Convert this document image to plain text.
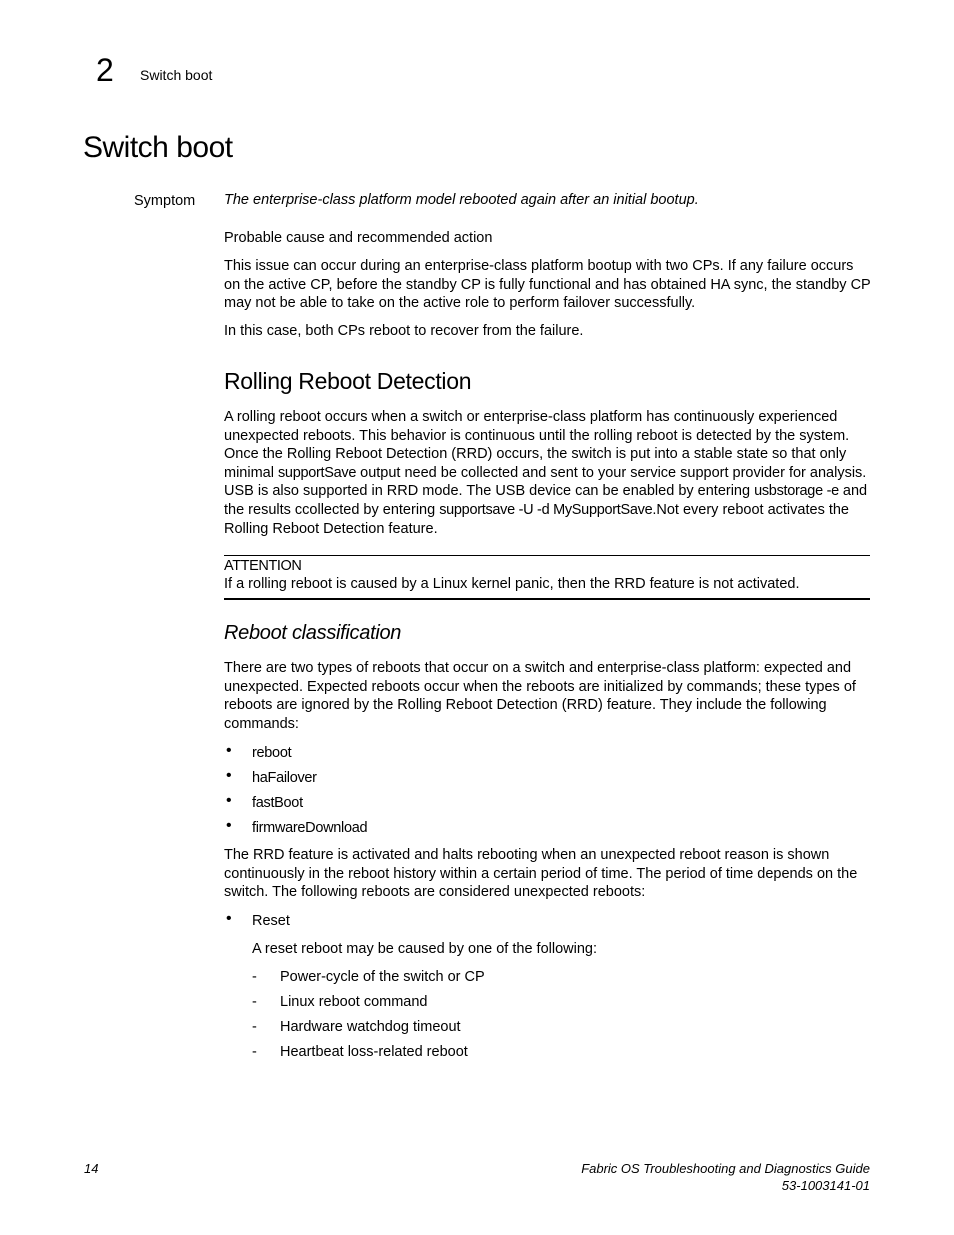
2 Switch boot
Switch boot
Symptom The enterprise-class platform model rebooted again after an initial bootup.
Probable cause and recommended action
This issue can occur during an enterprise-class platform bootup with two CPs. If any failure occurs on the active CP, before the standby CP is fully functional and has obtained HA sync, the standby CP may not be able to take on the active role to perform failover successfully.
In this case, both CPs reboot to recover from the failure.
Rolling Reboot Detection
A rolling reboot occurs when a switch or enterprise-class platform has continuously experienced unexpected reboots. This behavior is continuous until the rolling reboot is detected by the system. Once the Rolling Reboot Detection (RRD) occurs, the switch is put into a stable state so that only minimal supportSave output need be collected and sent to your service support provider for analysis. USB is also supported in RRD mode. The USB device can be enabled by entering usbstorage -e and the results ccollected by entering supportsave -U -d MySupportSave.Not every reboot activates the Rolling Reboot Detection feature.
ATTENTION
If a rolling reboot is caused by a Linux kernel panic, then the RRD feature is not activated.
Reboot classification
There are two types of reboots that occur on a switch and enterprise-class platform: expected and unexpected. Expected reboots occur when the reboots are initialized by commands; these types of reboots are ignored by the Rolling Reboot Detection (RRD) feature. They include the following commands:
• reboot
• haFailover
• fastBoot
• firmwareDownload
The RRD feature is activated and halts rebooting when an unexpected reboot reason is shown continuously in the reboot history within a certain period of time. The period of time depends on the switch. The following reboots are considered unexpected reboots:
• Reset
A reset reboot may be caused by one of the following:
- Power-cycle of the switch or CP
- Linux reboot command
- Hardware watchdog timeout
- Heartbeat loss-related reboot
14	Fabric OS Troubleshooting and Diagnostics Guide
53-1003141-01
